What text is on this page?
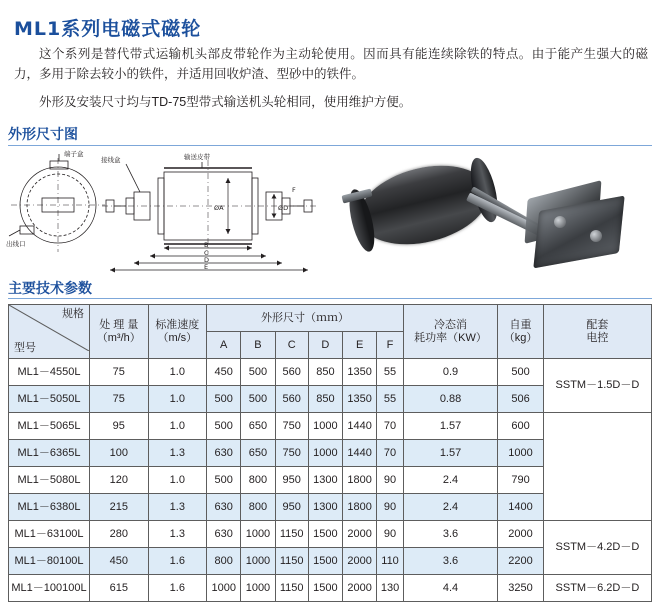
ML1系列电磁式磁轮
这个系列是替代带式运输机头部皮带轮作为主动轮使用。因而具有能连续除铁的特点。由于能产生强大的磁力，多用于除去较小的铁件，并适用回收炉渣、型砂中的铁件。
外形及安装尺寸均与TD-75型带式输送机头轮相同，使用维护方便。
外形尺寸图
接线盒
端子盒	输送皮带
出线口
ØA	ØD
F
B
C
D
E
主要技术参数
规格
型号

处 理 量
（m³/h）

标准速度
（m/s）
	外形尺寸（ｍｍ）	
冷态消
耗功率（KW）

自重
（kg）

配套
电控

			A	B	C	D	E	F			
ML1－4550L	75	1.0	450	500	560	850	1350	55	0.9	500	SSTM－1.5D－D
ML1－5050L	75	1.0	500	500	560	850	1350	55	0.88	506	
ML1－5065L	95	1.0	500	650	750	1000	1440	70	1.57	600	
ML1－6365L	100	1.3	630	650	750	1000	1440	70	1.57	1000	
ML1－5080L	120	1.0	500	800	950	1300	1800	90	2.4	790	
ML1－6380L	215	1.3	630	800	950	1300	1800	90	2.4	1400	
ML1－63100L	280	1.3	630	1000	1150	1500	2000	90	3.6	2000	SSTM－4.2D－D
ML1－80100L	450	1.6	800	1000	1150	1500	2000	110	3.6	2200	
ML1－100100L	615	1.6	1000	1000	1150	1500	2000	130	4.4	3250	SSTM－6.2D－D
